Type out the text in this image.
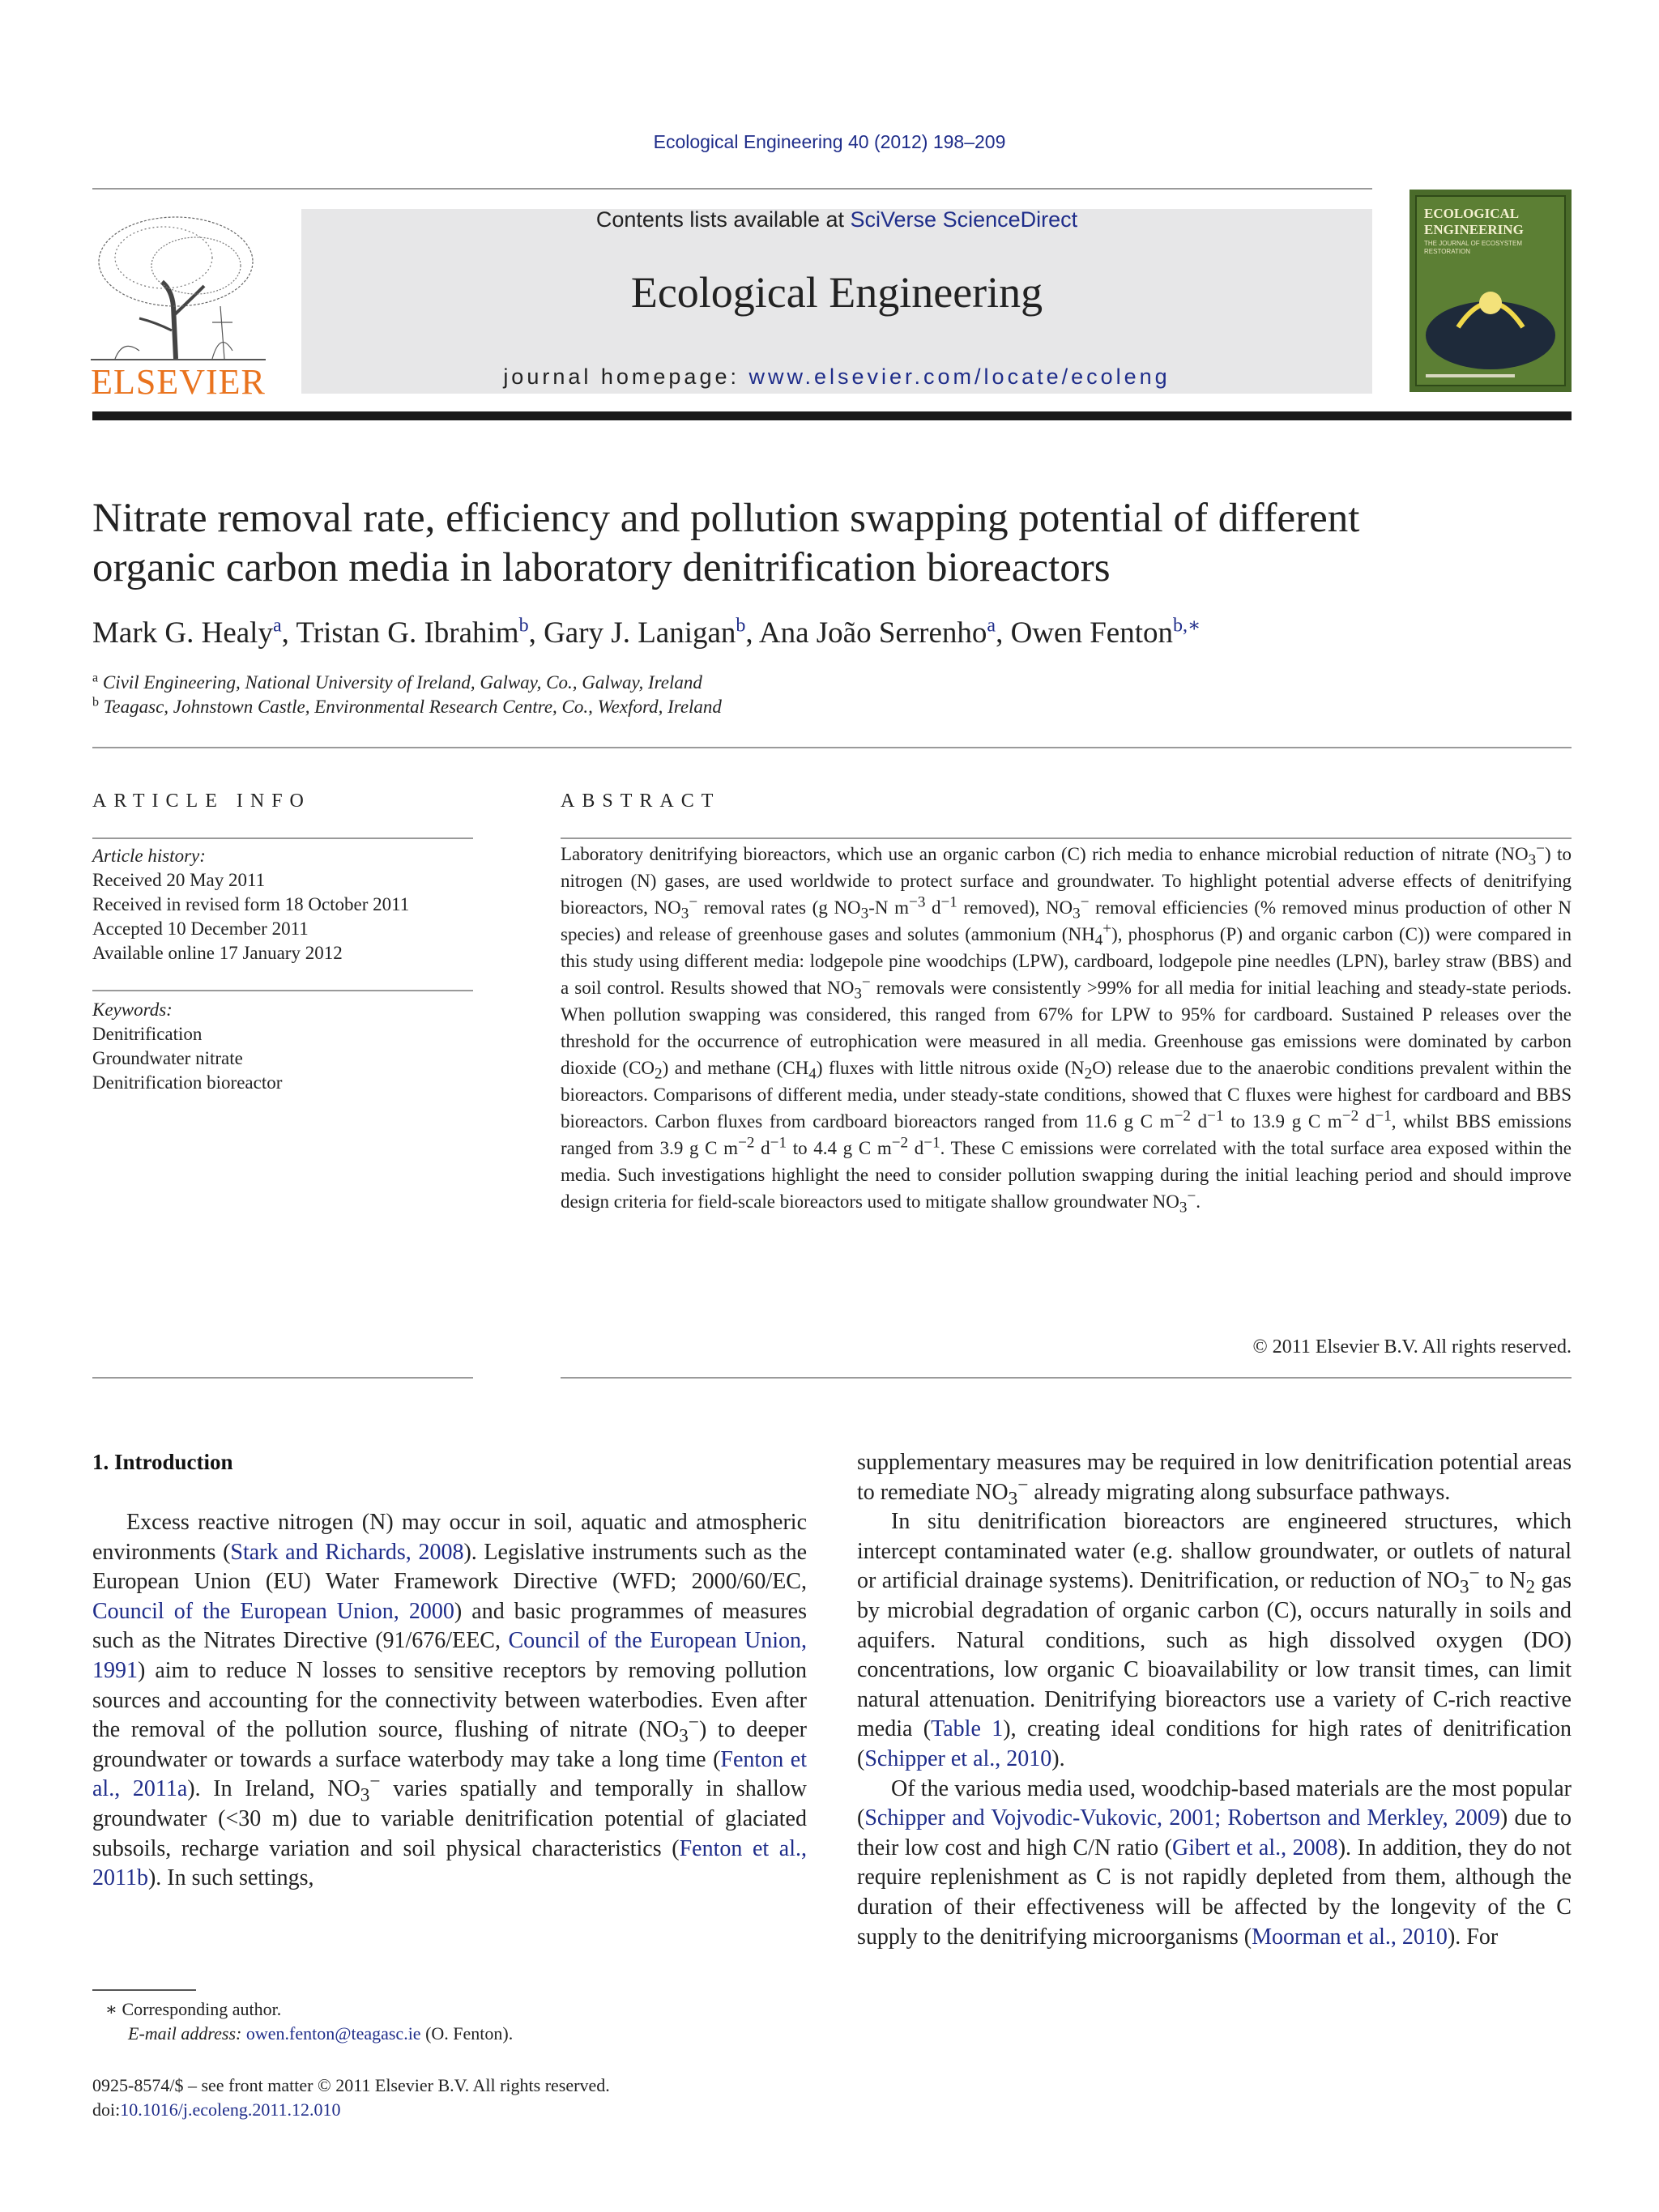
Ecological Engineering 40 (2012) 198–209
ELSEVIER
Contents lists available at SciVerse ScienceDirect
Ecological Engineering
journal homepage: www.elsevier.com/locate/ecoleng
ECOLOGICAL
ENGINEERING
THE JOURNAL OF ECOSYSTEM RESTORATION
Nitrate removal rate, efficiency and pollution swapping potential of different
organic carbon media in laboratory denitrification bioreactors
Mark G. Healy$^a$, Tristan G. Ibrahim$^b$, Gary J. Lanigan$^b$, Ana João Serrenho$^a$, Owen Fenton$^{b,∗}$
$^a$ Civil Engineering, National University of Ireland, Galway, Co., Galway, Ireland
$^b$ Teagasc, Johnstown Castle, Environmental Research Centre, Co., Wexford, Ireland
ARTICLE INFO
Article history:
Received 20 May 2011
Received in revised form 18 October 2011
Accepted 10 December 2011
Available online 17 January 2012
Keywords:
Denitrification
Groundwater nitrate
Denitrification bioreactor
ABSTRACT
Laboratory denitrifying bioreactors, which use an organic carbon (C) rich media to enhance microbial reduction of nitrate $(NO_3^-)$ to nitrogen (N) gases, are used worldwide to protect surface and groundwater. To highlight potential adverse effects of denitrifying bioreactors, $NO_3^-$ removal rates (g $NO_3-N$ $m^{-3}$ $d^{-1}$ removed), $NO_3^-$ removal efficiencies (% removed minus production of other N species) and release of greenhouse gases and solutes (ammonium $(NH_4^+)$, phosphorus (P) and organic carbon (C)) were compared in this study using different media: lodgepole pine woodchips (LPW), cardboard, lodgepole pine needles (LPN), barley straw (BBS) and a soil control. Results showed that $NO_3^-$ removals were consistently >99% for all media for initial leaching and steady-state periods. When pollution swapping was considered, this ranged from 67% for LPW to 95% for cardboard. Sustained P releases over the threshold for the occurrence of eutrophication were measured in all media. Greenhouse gas emissions were dominated by carbon dioxide $(CO_2)$ and methane $(CH_4)$ fluxes with little nitrous oxide $(N_2O)$ release due to the anaerobic conditions prevalent within the bioreactors. Comparisons of different media, under steady-state conditions, showed that C fluxes were highest for cardboard and BBS bioreactors. Carbon fluxes from cardboard bioreactors ranged from 11.6 g C $m^{-2}$ $d^{-1}$ to 13.9 g C $m^{-2}$ $d^{-1}$, whilst BBS emissions ranged from 3.9 g C $m^{-2}$ $d^{-1}$ to 4.4 g C $m^{-2}$ $d^{-1}$. These C emissions were correlated with the total surface area exposed within the media. Such investigations highlight the need to consider pollution swapping during the initial leaching period and should improve design criteria for field-scale bioreactors used to mitigate shallow groundwater $NO_3^-$.
© 2011 Elsevier B.V. All rights reserved.
1. Introduction

Excess reactive nitrogen (N) may occur in soil, aquatic and atmospheric environments (Stark and Richards, 2008). Legislative instruments such as the European Union (EU) Water Framework Directive (WFD; 2000/60/EC, Council of the European Union, 2000) and basic programmes of measures such as the Nitrates Directive (91/676/EEC, Council of the European Union, 1991) aim to reduce N losses to sensitive receptors by removing pollution sources and accounting for the connectivity between waterbodies. Even after the removal of the pollution source, flushing of nitrate $(NO_3^-)$ to deeper groundwater or towards a surface waterbody may take a long time (Fenton et al., 2011a). In Ireland, $NO_3^-$ varies spatially and temporally in shallow groundwater (<30 m) due to variable denitrification potential of glaciated subsoils, recharge variation and soil physical characteristics (Fenton et al., 2011b). In such settings,

supplementary measures may be required in low denitrification potential areas to remediate $NO_3^-$ already migrating along subsurface pathways.

In situ denitrification bioreactors are engineered structures, which intercept contaminated water (e.g. shallow groundwater, or outlets of natural or artificial drainage systems). Denitrification, or reduction of $NO_3^-$ to $N_2$ gas by microbial degradation of organic carbon (C), occurs naturally in soils and aquifers. Natural conditions, such as high dissolved oxygen (DO) concentrations, low organic C bioavailability or low transit times, can limit natural attenuation. Denitrifying bioreactors use a variety of C-rich reactive media (Table 1), creating ideal conditions for high rates of denitrification (Schipper et al., 2010).

Of the various media used, woodchip-based materials are the most popular (Schipper and Vojvodic-Vukovic, 2001; Robertson and Merkley, 2009) due to their low cost and high C/N ratio (Gibert et al., 2008). In addition, they do not require replenishment as C is not rapidly depleted from them, although the duration of their effectiveness will be affected by the longevity of the C supply to the denitrifying microorganisms (Moorman et al., 2010). For

∗ Corresponding author.
E-mail address: owen.fenton@teagasc.ie (O. Fenton).
0925-8574/$ – see front matter © 2011 Elsevier B.V. All rights reserved.
doi:10.1016/j.ecoleng.2011.12.010
